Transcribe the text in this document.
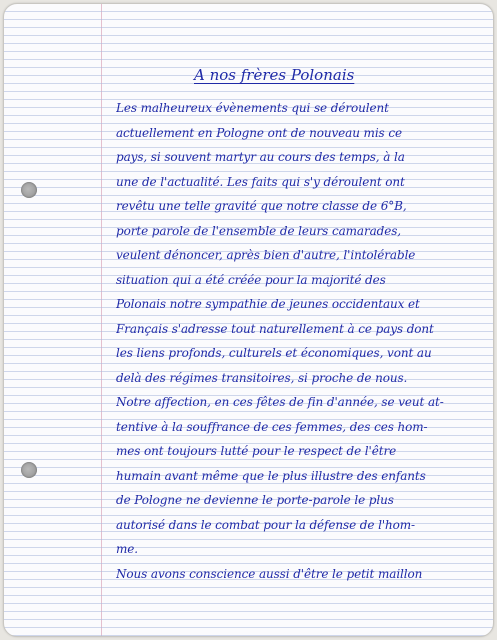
A nos frères Polonais
Les malheureux évènements qui se déroulent
actuellement en Pologne ont de nouveau mis ce
pays, si souvent martyr au cours des temps, à la
une de l'actualité. Les faits qui s'y déroulent ont
revêtu une telle gravité que notre classe de 6°B,
porte parole de l'ensemble de leurs camarades,
veulent dénoncer, après bien d'autre, l'intolérable
situation qui a été créée pour la majorité des
Polonais notre sympathie de jeunes occidentaux et
Français s'adresse tout naturellement à ce pays dont
les liens profonds, culturels et économiques, vont au
delà des régimes transitoires, si proche de nous.
Notre affection, en ces fêtes de fin d'année, se veut at-
tentive à la souffrance de ces femmes, des ces hom-
mes ont toujours lutté pour le respect de l'être
humain avant même que le plus illustre des enfants
de Pologne ne devienne le porte-parole le plus
autorisé dans le combat pour la défense de l'hom-
me.
Nous avons conscience aussi d'être le petit maillon
